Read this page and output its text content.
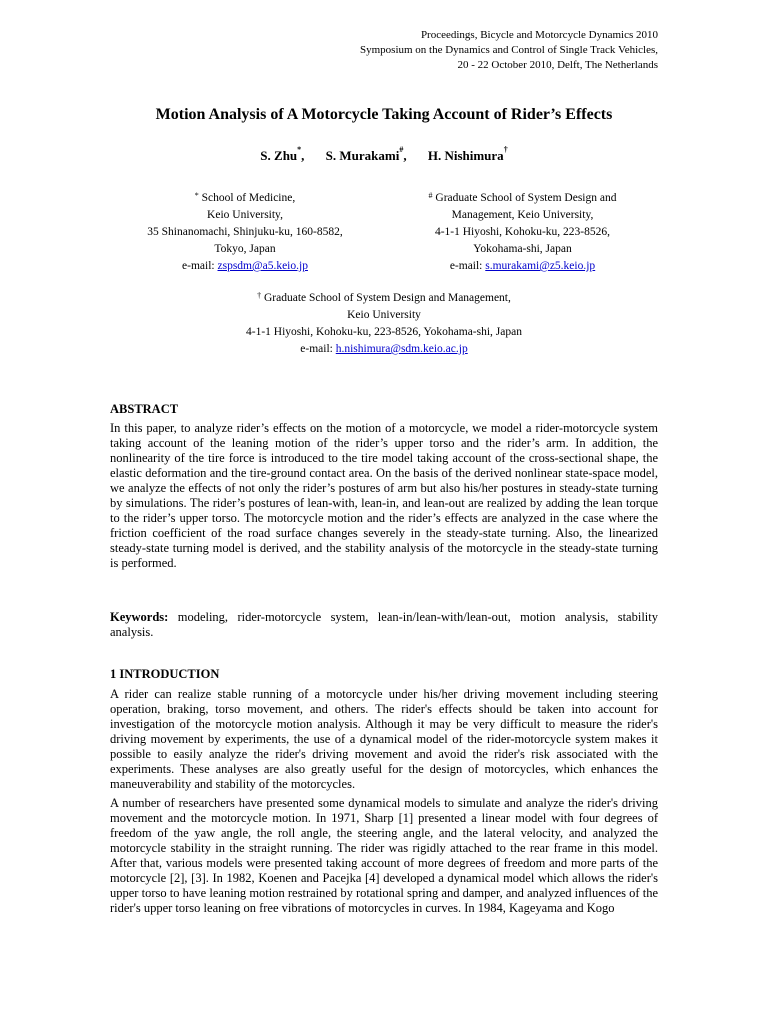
Proceedings, Bicycle and Motorcycle Dynamics 2010
Symposium on the Dynamics and Control of Single Track Vehicles,
20 - 22 October 2010, Delft, The Netherlands
Motion Analysis of A Motorcycle Taking Account of Rider’s Effects
S. Zhu*, S. Murakami#, H. Nishimura†
* School of Medicine,
Keio University,
35 Shinanomachi, Shinjuku-ku, 160-8582,
Tokyo, Japan
e-mail: zspsdm@a5.keio.jp
# Graduate School of System Design and
Management, Keio University,
4-1-1 Hiyoshi, Kohoku-ku, 223-8526,
Yokohama-shi, Japan
e-mail: s.murakami@z5.keio.jp
† Graduate School of System Design and Management,
Keio University
4-1-1 Hiyoshi, Kohoku-ku, 223-8526, Yokohama-shi, Japan
e-mail: h.nishimura@sdm.keio.ac.jp
ABSTRACT
In this paper, to analyze rider’s effects on the motion of a motorcycle, we model a rider-motorcycle system taking account of the leaning motion of the rider’s upper torso and the rider’s arm. In addition, the nonlinearity of the tire force is introduced to the tire model taking account of the cross-sectional shape, the elastic deformation and the tire-ground contact area. On the basis of the derived nonlinear state-space model, we analyze the effects of not only the rider’s postures of arm but also his/her postures in steady-state turning by simulations. The rider’s postures of lean-with, lean-in, and lean-out are realized by adding the lean torque to the rider’s upper torso. The motorcycle motion and the rider’s effects are analyzed in the case where the friction coefficient of the road surface changes severely in the steady-state turning. Also, the linearized steady-state turning model is derived, and the stability analysis of the motorcycle in the steady-state turning is performed.
Keywords: modeling, rider-motorcycle system, lean-in/lean-with/lean-out, motion analysis, stability analysis.
1 INTRODUCTION
A rider can realize stable running of a motorcycle under his/her driving movement including steering operation, braking, torso movement, and others. The rider's effects should be taken into account for investigation of the motorcycle motion analysis. Although it may be very difficult to measure the rider's driving movement by experiments, the use of a dynamical model of the rider-motorcycle system makes it possible to easily analyze the rider's driving movement and avoid the rider's risk associated with the experiments. These analyses are also greatly useful for the design of motorcycles, which enhances the maneuverability and stability of the motorcycles.
A number of researchers have presented some dynamical models to simulate and analyze the rider's driving movement and the motorcycle motion. In 1971, Sharp [1] presented a linear model with four degrees of freedom of the yaw angle, the roll angle, the steering angle, and the lateral velocity, and analyzed the motorcycle stability in the straight running. The rider was rigidly attached to the rear frame in this model. After that, various models were presented taking account of more degrees of freedom and more parts of the motorcycle [2], [3]. In 1982, Koenen and Pacejka [4] developed a dynamical model which allows the rider's upper torso to have leaning motion restrained by rotational spring and damper, and analyzed influences of the rider's upper torso leaning on free vibrations of motorcycles in curves. In 1984, Kageyama and Kogo
